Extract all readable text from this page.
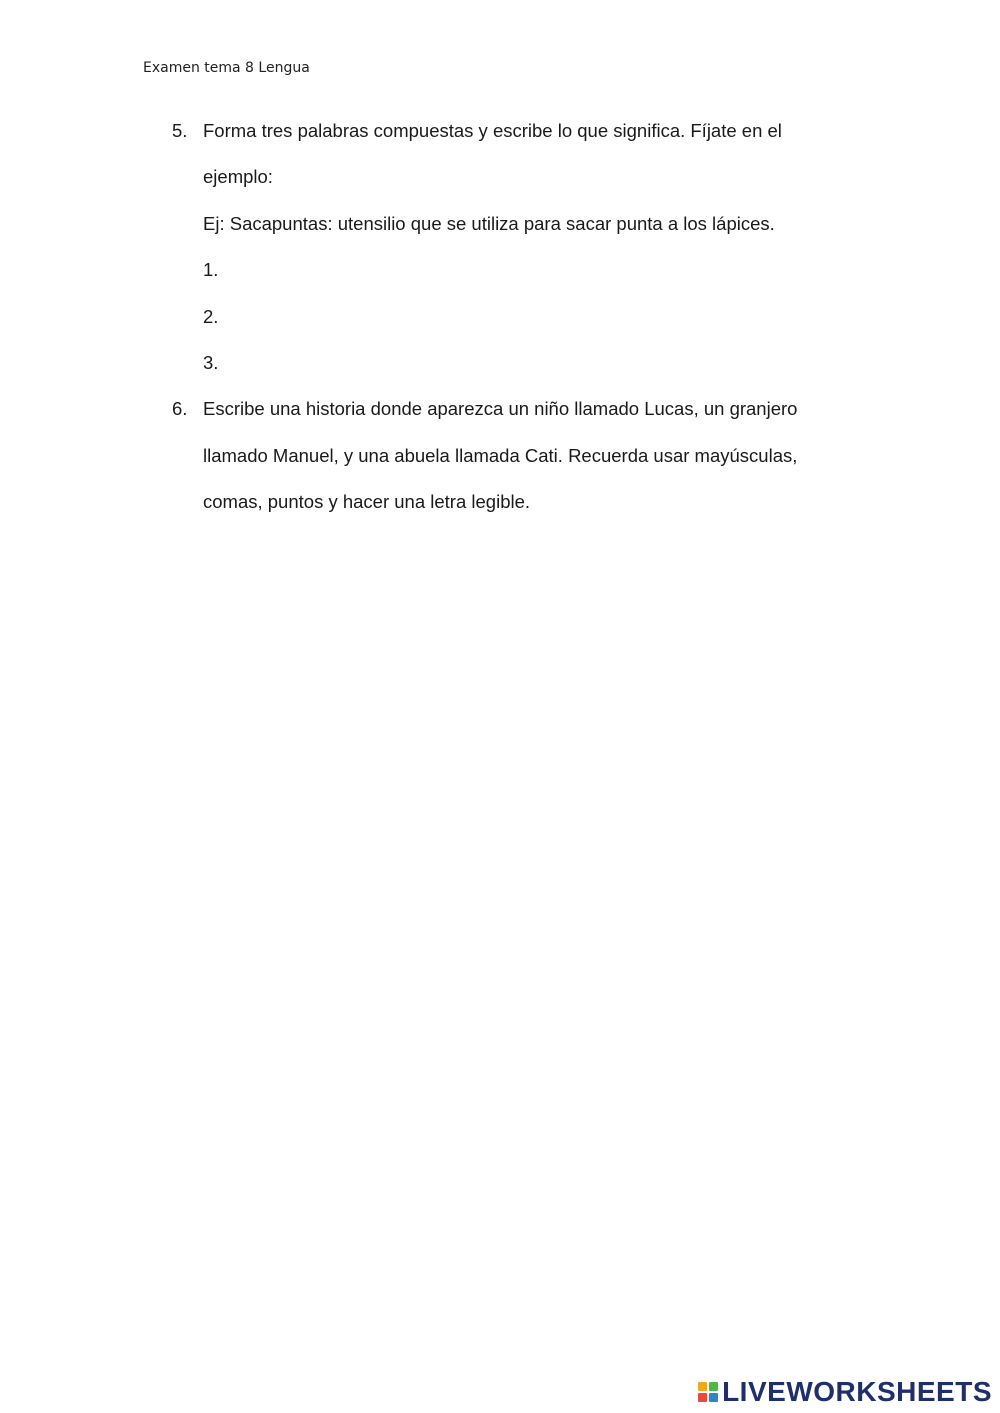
Examen tema 8 Lengua
5. Forma tres palabras compuestas y escribe lo que significa. Fíjate en el
ejemplo:
Ej: Sacapuntas: utensilio que se utiliza para sacar punta a los lápices.
1.
2.
3.
6. Escribe una historia donde aparezca un niño llamado Lucas, un granjero
llamado Manuel, y una abuela llamada Cati. Recuerda usar mayúsculas,
comas, puntos y hacer una letra legible.
LIVEWORKSHEETS
